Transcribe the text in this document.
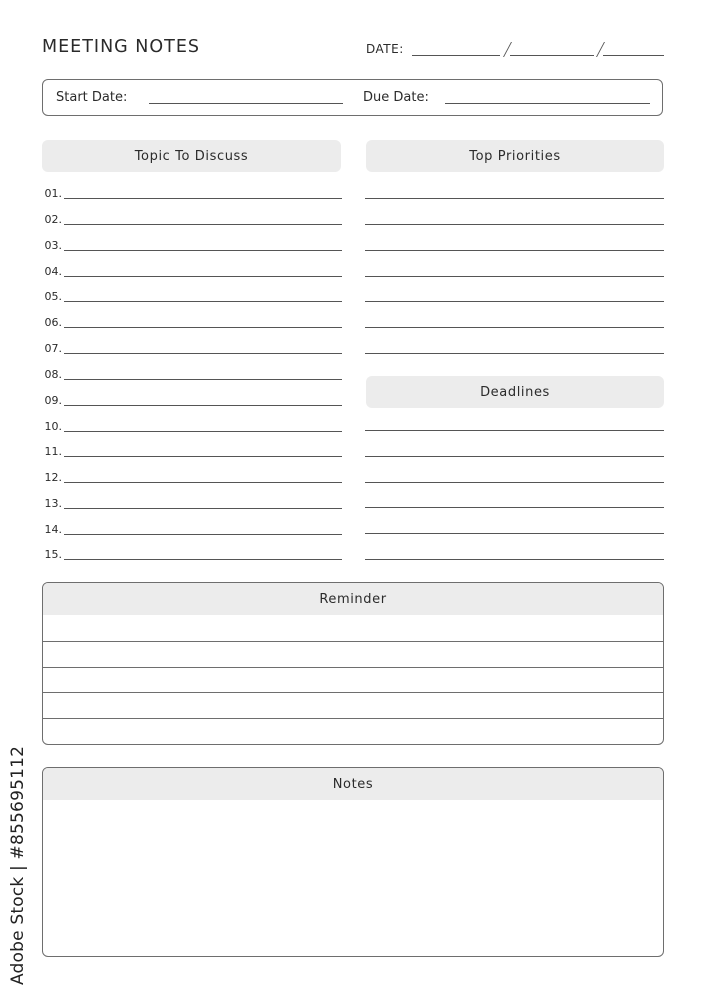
MEETING NOTES	DATE:
Start Date:	Due Date:
Topic To Discuss	Top Priorities
Deadlines
01.
02.
03.
04.
05.
06.
07.
08.
09.
10.
11.
12.
13.
14.
15.
Reminder
Notes
Adobe Stock | #855695112
